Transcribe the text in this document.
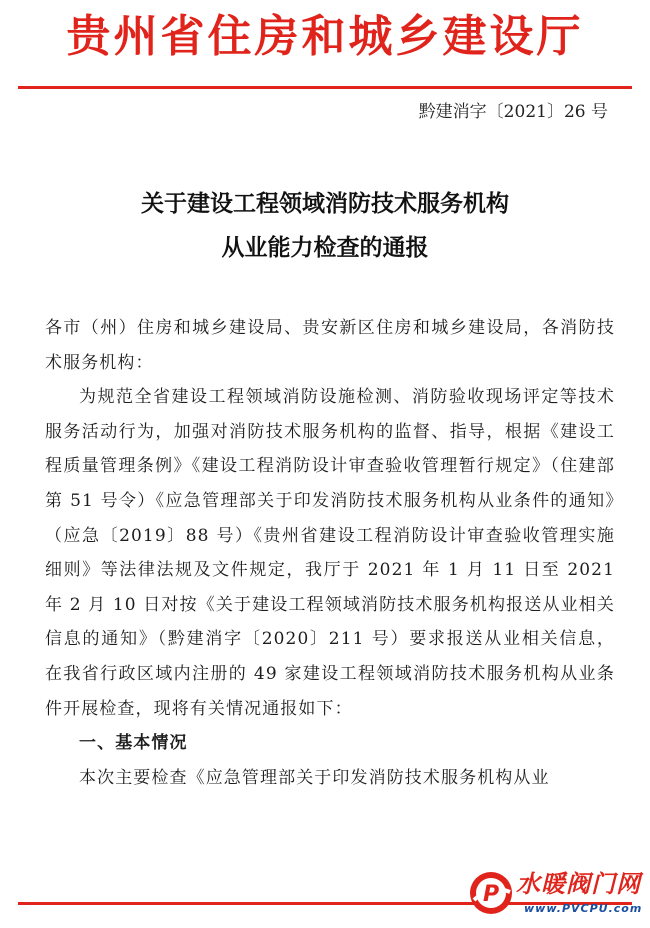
贵州省住房和城乡建设厅
黔建消字〔2021〕26 号
关于建设工程领域消防技术服务机构
从业能力检查的通报

各市（州）住房和城乡建设局、贵安新区住房和城乡建设局，各消防技术服务机构：

为规范全省建设工程领域消防设施检测、消防验收现场评定等技术服务活动行为，加强对消防技术服务机构的监督、指导，根据《建设工程质量管理条例》《建设工程消防设计审查验收管理暂行规定》（住建部第 51 号令）《应急管理部关于印发消防技术服务机构从业条件的通知》（应急〔2019〕88 号）《贵州省建设工程消防设计审查验收管理实施细则》等法律法规及文件规定，我厅于 2021 年 1 月 11 日至 2021 年 2 月 10 日对按《关于建设工程领域消防技术服务机构报送从业相关信息的通知》（黔建消字〔2020〕211 号）要求报送从业相关信息，在我省行政区域内注册的 49 家建设工程领域消防技术服务机构从业条件开展检查，现将有关情况通报如下：

一、基本情况

本次主要检查《应急管理部关于印发消防技术服务机构从业

P 水暖阀门网
www.PVCPU.com
